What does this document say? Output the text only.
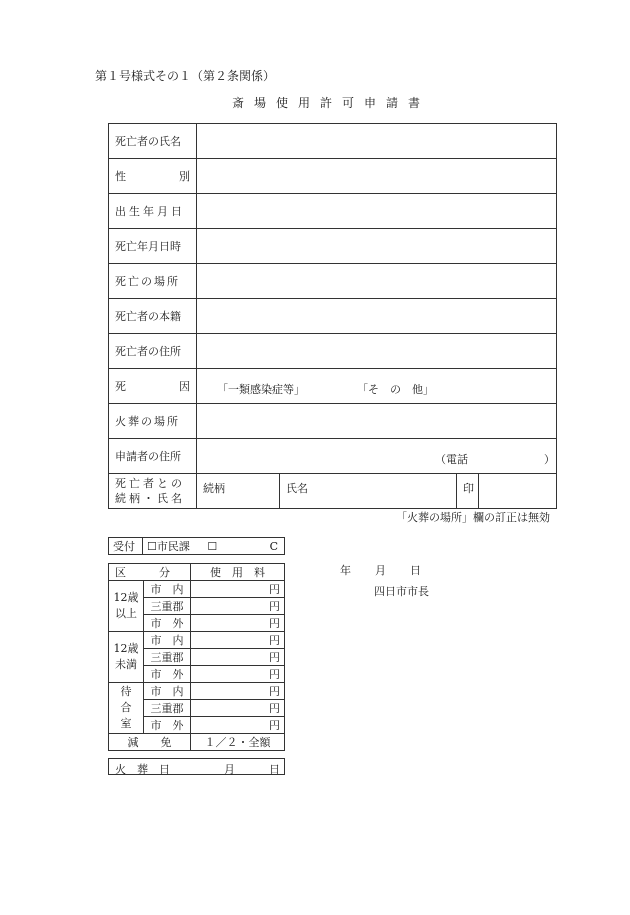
第１号様式その１（第２条関係）
斎場使用許可申請書
死亡者の氏名	

性 別	

出生年月日	
死亡年月日時	
死亡の場所	
死亡者の本籍	
死亡者の住所	

死 因	「一類感染症等」 「そ　の　他」

火葬の場所	
申請者の住所	（電話 ）

死亡者との続柄・氏名	続柄 氏名 印
「火葬の場所」欄の訂正は無効
受付	☐市民課 ☐	C
区　　　分		使　用　料

12歳以上	市　内	円
	三重郡	円
	市　外	円

12歳未満	市　内	円
	三重郡	円
	市　外	円

待合室	市　内	円
	三重郡	円
	市　外	円
減　　免		１／２・全額
火　葬　日	月	日
年 月 日
四日市市長
